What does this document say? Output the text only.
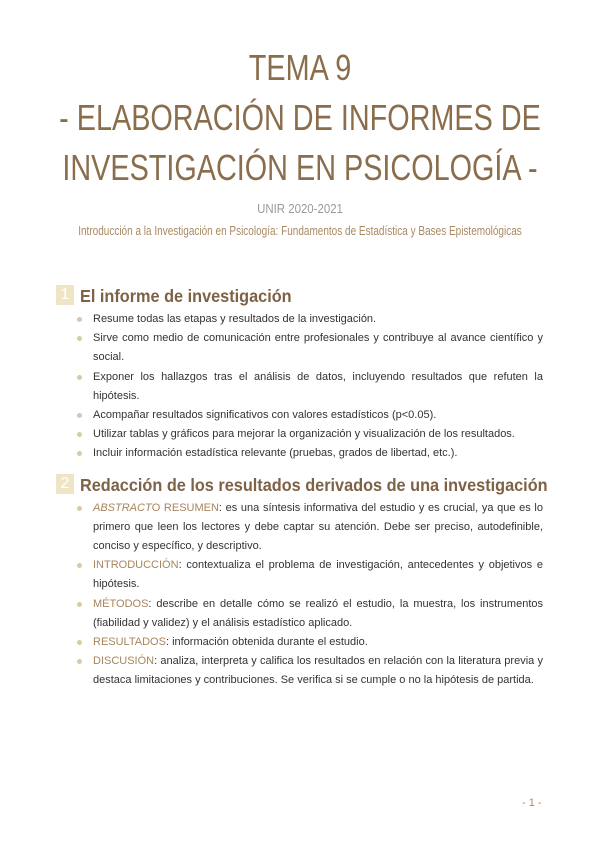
TEMA 9
- ELABORACIÓN DE INFORMES DE
INVESTIGACIÓN EN PSICOLOGÍA -
UNIR 2020-2021
Introducción a la Investigación en Psicología: Fundamentos de Estadística y Bases Epistemológicas
1 El informe de investigación
Resume todas las etapas y resultados de la investigación.
Sirve como medio de comunicación entre profesionales y contribuye al avance científico y social.
Exponer los hallazgos tras el análisis de datos, incluyendo resultados que refuten la hipótesis.
Acompañar resultados significativos con valores estadísticos (p<0.05).
Utilizar tablas y gráficos para mejorar la organización y visualización de los resultados.
Incluir información estadística relevante (pruebas, grados de libertad, etc.).
2 Redacción de los resultados derivados de una investigación
ABSTRACTO RESUMEN: es una síntesis informativa del estudio y es crucial, ya que es lo primero que leen los lectores y debe captar su atención. Debe ser preciso, autodefinible, conciso y específico, y descriptivo.
INTRODUCCIÓN: contextualiza el problema de investigación, antecedentes y objetivos e hipótesis.
MÉTODOS: describe en detalle cómo se realizó el estudio, la muestra, los instrumentos (fiabilidad y validez) y el análisis estadístico aplicado.
RESULTADOS: información obtenida durante el estudio.
DISCUSIÓN: analiza, interpreta y califica los resultados en relación con la literatura previa y destaca limitaciones y contribuciones. Se verifica si se cumple o no la hipótesis de partida.
- 1 -
